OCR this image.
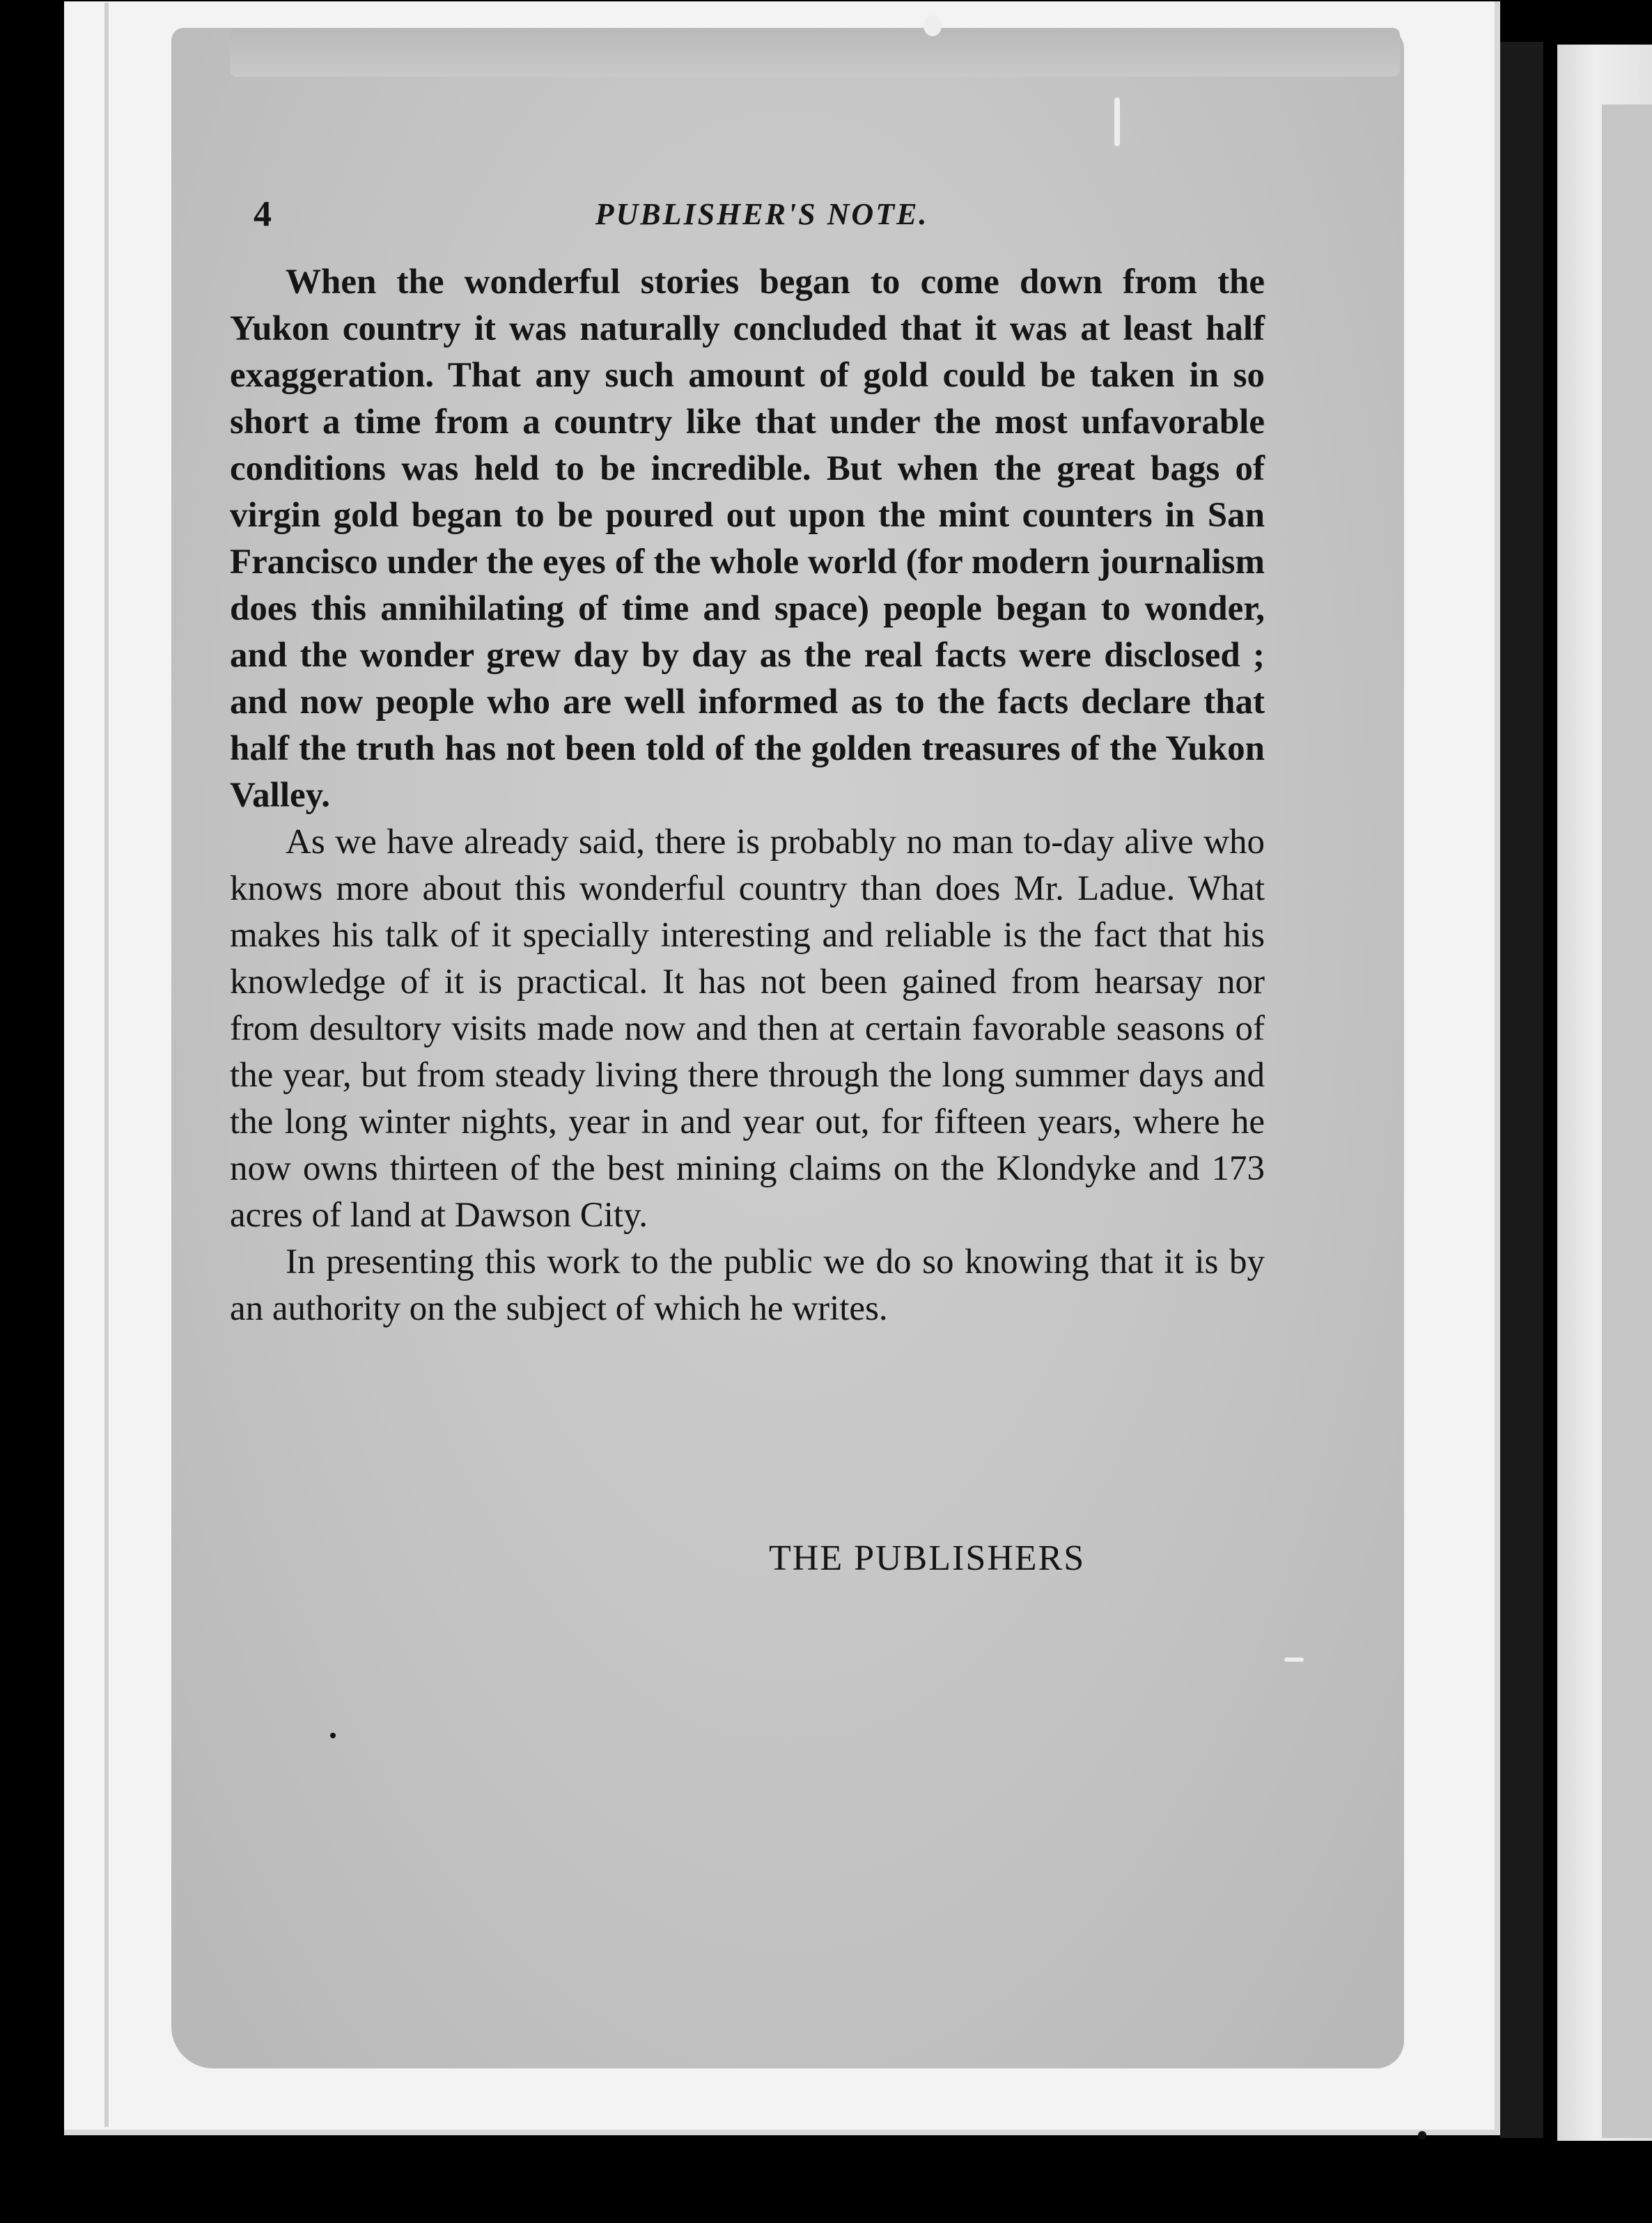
4	PUBLISHER'S NOTE.

When the wonderful stories began to come down from the Yukon country it was naturally concluded that it was at least half exaggeration. That any such amount of gold could be taken in so short a time from a country like that under the most unfavorable conditions was held to be incredible. But when the great bags of virgin gold began to be poured out upon the mint counters in San Francisco under the eyes of the whole world (for modern journalism does this annihilating of time and space) people began to wonder, and the wonder grew day by day as the real facts were disclosed ; and now people who are well informed as to the facts declare that half the truth has not been told of the golden treasures of the Yukon Valley.

As we have already said, there is probably no man to-day alive who knows more about this wonderful country than does Mr. Ladue. What makes his talk of it specially interesting and reliable is the fact that his knowledge of it is practical. It has not been gained from hearsay nor from desultory visits made now and then at certain favorable seasons of the year, but from steady living there through the long summer days and the long winter nights, year in and year out, for fifteen years, where he now owns thirteen of the best mining claims on the Klondyke and 173 acres of land at Dawson City.

In presenting this work to the public we do so knowing that it is by an authority on the subject of which he writes.

THE PUBLISHERS
